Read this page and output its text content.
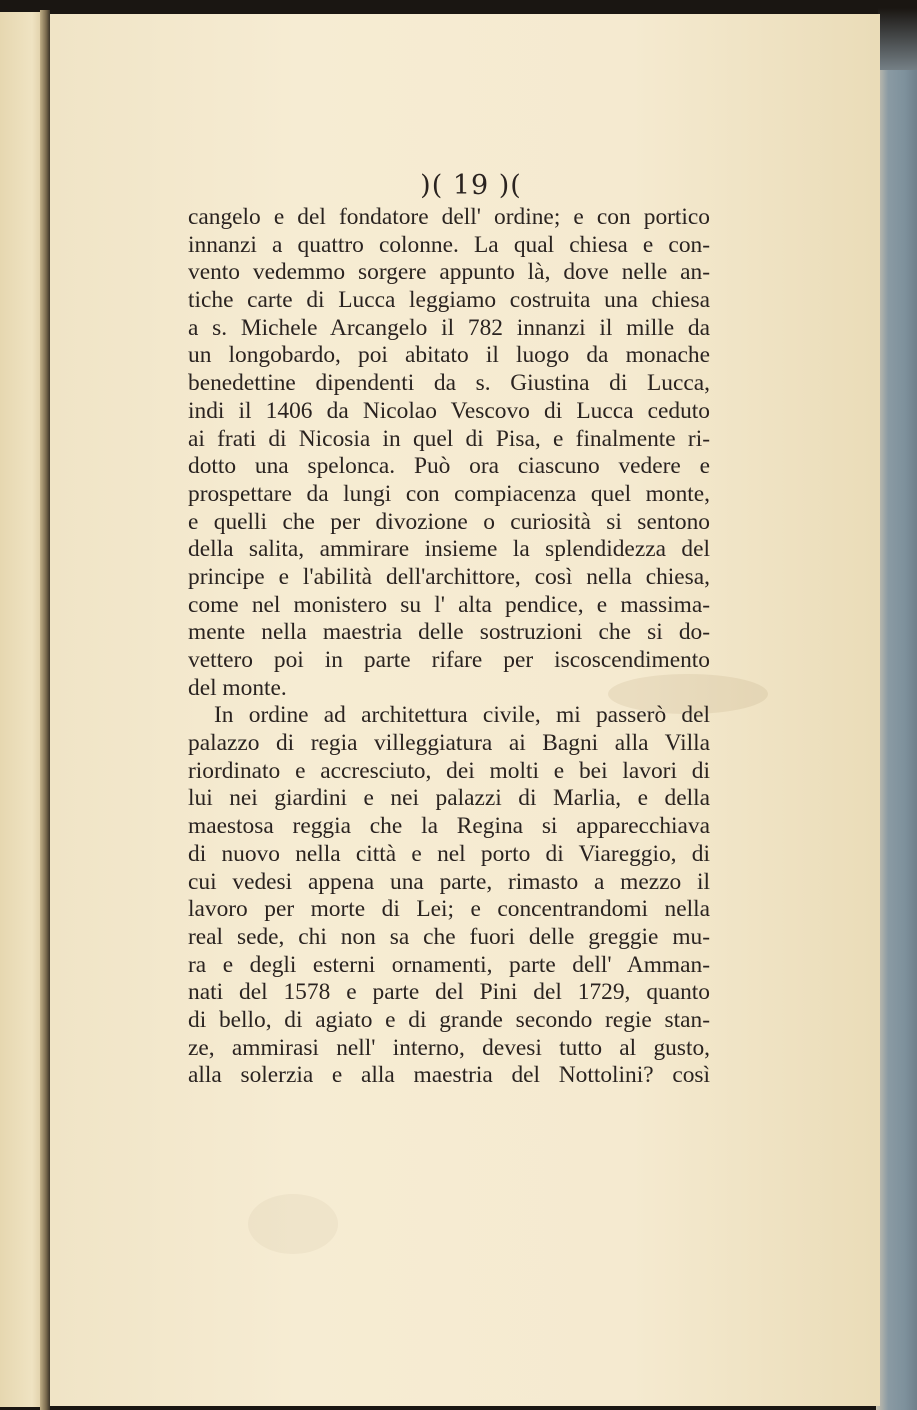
)( 19 )(
cangelo e del fondatore dell' ordine; e con portico
innanzi a quattro colonne. La qual chiesa e con-
vento vedemmo sorgere appunto là, dove nelle an-
tiche carte di Lucca leggiamo costruita una chiesa
a s. Michele Arcangelo il 782 innanzi il mille da
un longobardo, poi abitato il luogo da monache
benedettine dipendenti da s. Giustina di Lucca,
indi il 1406 da Nicolao Vescovo di Lucca ceduto
ai frati di Nicosia in quel di Pisa, e finalmente ri-
dotto una spelonca. Può ora ciascuno vedere e
prospettare da lungi con compiacenza quel monte,
e quelli che per divozione o curiosità si sentono
della salita, ammirare insieme la splendidezza del
principe e l'abilità dell'archittore, così nella chiesa,
come nel monistero su l' alta pendice, e massima-
mente nella maestria delle sostruzioni che si do-
vettero poi in parte rifare per iscoscendimento
del monte.
In ordine ad architettura civile, mi passerò del
palazzo di regia villeggiatura ai Bagni alla Villa
riordinato e accresciuto, dei molti e bei lavori di
lui nei giardini e nei palazzi di Marlia, e della
maestosa reggia che la Regina si apparecchiava
di nuovo nella città e nel porto di Viareggio, di
cui vedesi appena una parte, rimasto a mezzo il
lavoro per morte di Lei; e concentrandomi nella
real sede, chi non sa che fuori delle greggie mu-
ra e degli esterni ornamenti, parte dell' Amman-
nati del 1578 e parte del Pini del 1729, quanto
di bello, di agiato e di grande secondo regie stan-
ze, ammirasi nell' interno, devesi tutto al gusto,
alla solerzia e alla maestria del Nottolini? così
